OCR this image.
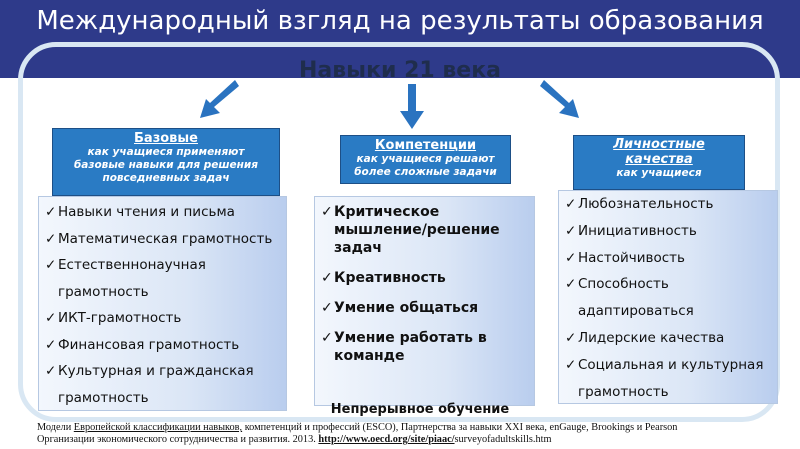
Международный взгляд на результаты образования
Навыки 21 века
Базовые
как учащиеся применяют базовые навыки для решения повседневных задач
✓ Навыки чтения и письма
✓ Математическая грамотность
✓ Естественнонаучная грамотность
✓ ИКТ-грамотность
✓ Финансовая грамотность
✓ Культурная и гражданская грамотность
Компетенции
как учащиеся решают более сложные задачи
✓ Критическое мышление/решение задач
✓ Креативность
✓ Умение общаться
✓ Умение работать в команде
Личностные качества
как учащиеся
✓ Любознательность
✓ Инициативность
✓ Настойчивость
✓ Способность адаптироваться
✓ Лидерские качества
✓ Социальная и культурная грамотность
Непрерывное обучение
Модели Европейской классификации навыков, компетенций и профессий (ESCO), Партнерства за навыки XXI века, enGauge, Brookings и Pearson
Организации экономического сотрудничества и развития. 2013. http://www.oecd.org/site/piaac/surveyofadultskills.htm
